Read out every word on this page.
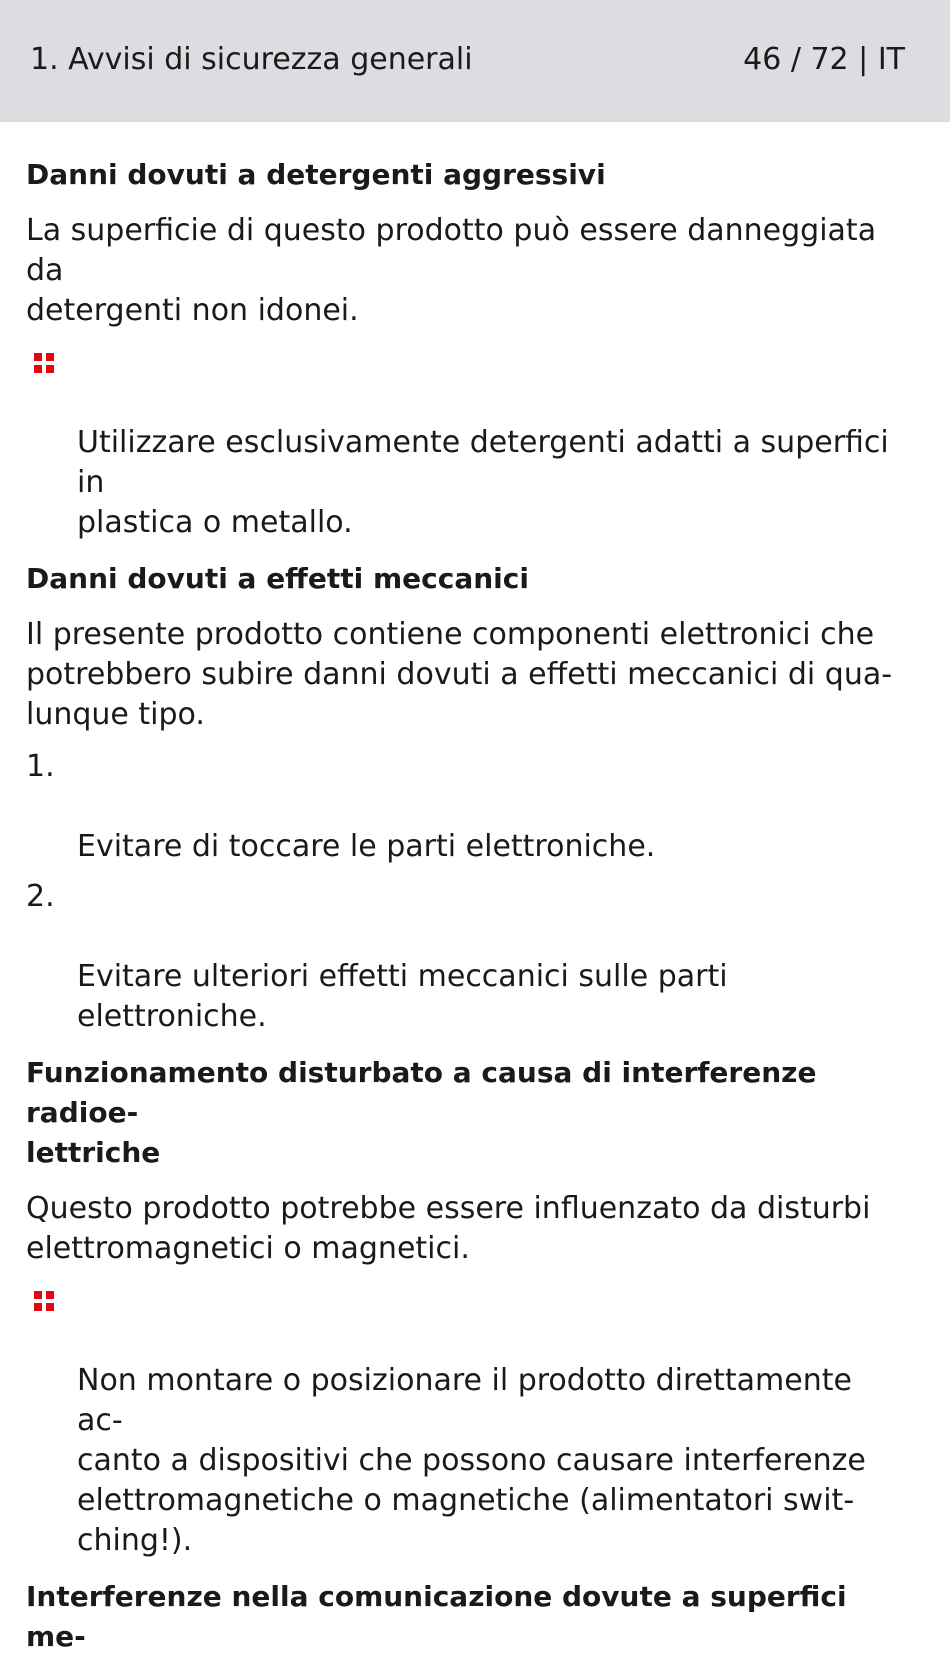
1. Avvisi di sicurezza generali	46 / 72 | IT
Danni dovuti a detergenti aggressivi
La superficie di questo prodotto può essere danneggiata da
detergenti non idonei.

Utilizzare esclusivamente detergenti adatti a superfici in
plastica o metallo.

Danni dovuti a effetti meccanici
Il presente prodotto contiene componenti elettronici che
potrebbero subire danni dovuti a effetti meccanici di qua-
lunque tipo.

1.

Evitare di toccare le parti elettroniche.

2.

Evitare ulteriori effetti meccanici sulle parti elettroniche.

Funzionamento disturbato a causa di interferenze radioe-
lettriche
Questo prodotto potrebbe essere influenzato da disturbi
elettromagnetici o magnetici.

Non montare o posizionare il prodotto direttamente ac-
canto a dispositivi che possono causare interferenze
elettromagnetiche o magnetiche (alimentatori swit-
ching!).

Interferenze nella comunicazione dovute a superfici me-
